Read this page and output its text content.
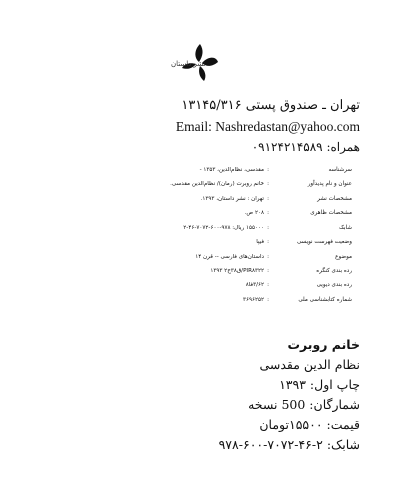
نشر داستان
تهران ـ صندوق پستی ۱۳۱۴۵/۳۱۶
Email: Nashredastan@yahoo.com
همراه: ۰۹۱۲۴۲۱۴۵۸۹
سرشناسه
:
مقدسی، نظام‌الدین، ۱۳۵۳ -
عنوان و نام پدیدآور
:
خانم روبرت (رمان)/ نظام‌الدین مقدسی.
مشخصات نشر
:
تهران : نشر داستان، ۱۳۹۳.
مشخصات ظاهری
:
۲۰۸ ص.
شابک
:
۱۵۵۰۰۰ ریال: ۹۷۸-۶۰۰-۷۰۷۲-۴۶-۲
وضعیت فهرست نویسی
:
فیپا
موضوع
:
داستان‌های فارسی -- قرن ۱۴
رده بندی کنگره
:
PIR۸۳۲۲/ق۳۸خ۲ ۱۳۹۳
رده بندی دیویی
:
۳/۶۲فا۸
شماره کتابشناسی ملی
:
۳۶۹۶۲۵۲
خانم روبرت
نظام الدین مقدسی
چاپ اول: ۱۳۹۳
شمارگان: 500 نسخه
قیمت: ۱۵۵۰۰تومان
شابک: ۲-۴۶-۷۰۷۲-۶۰۰-۹۷۸
